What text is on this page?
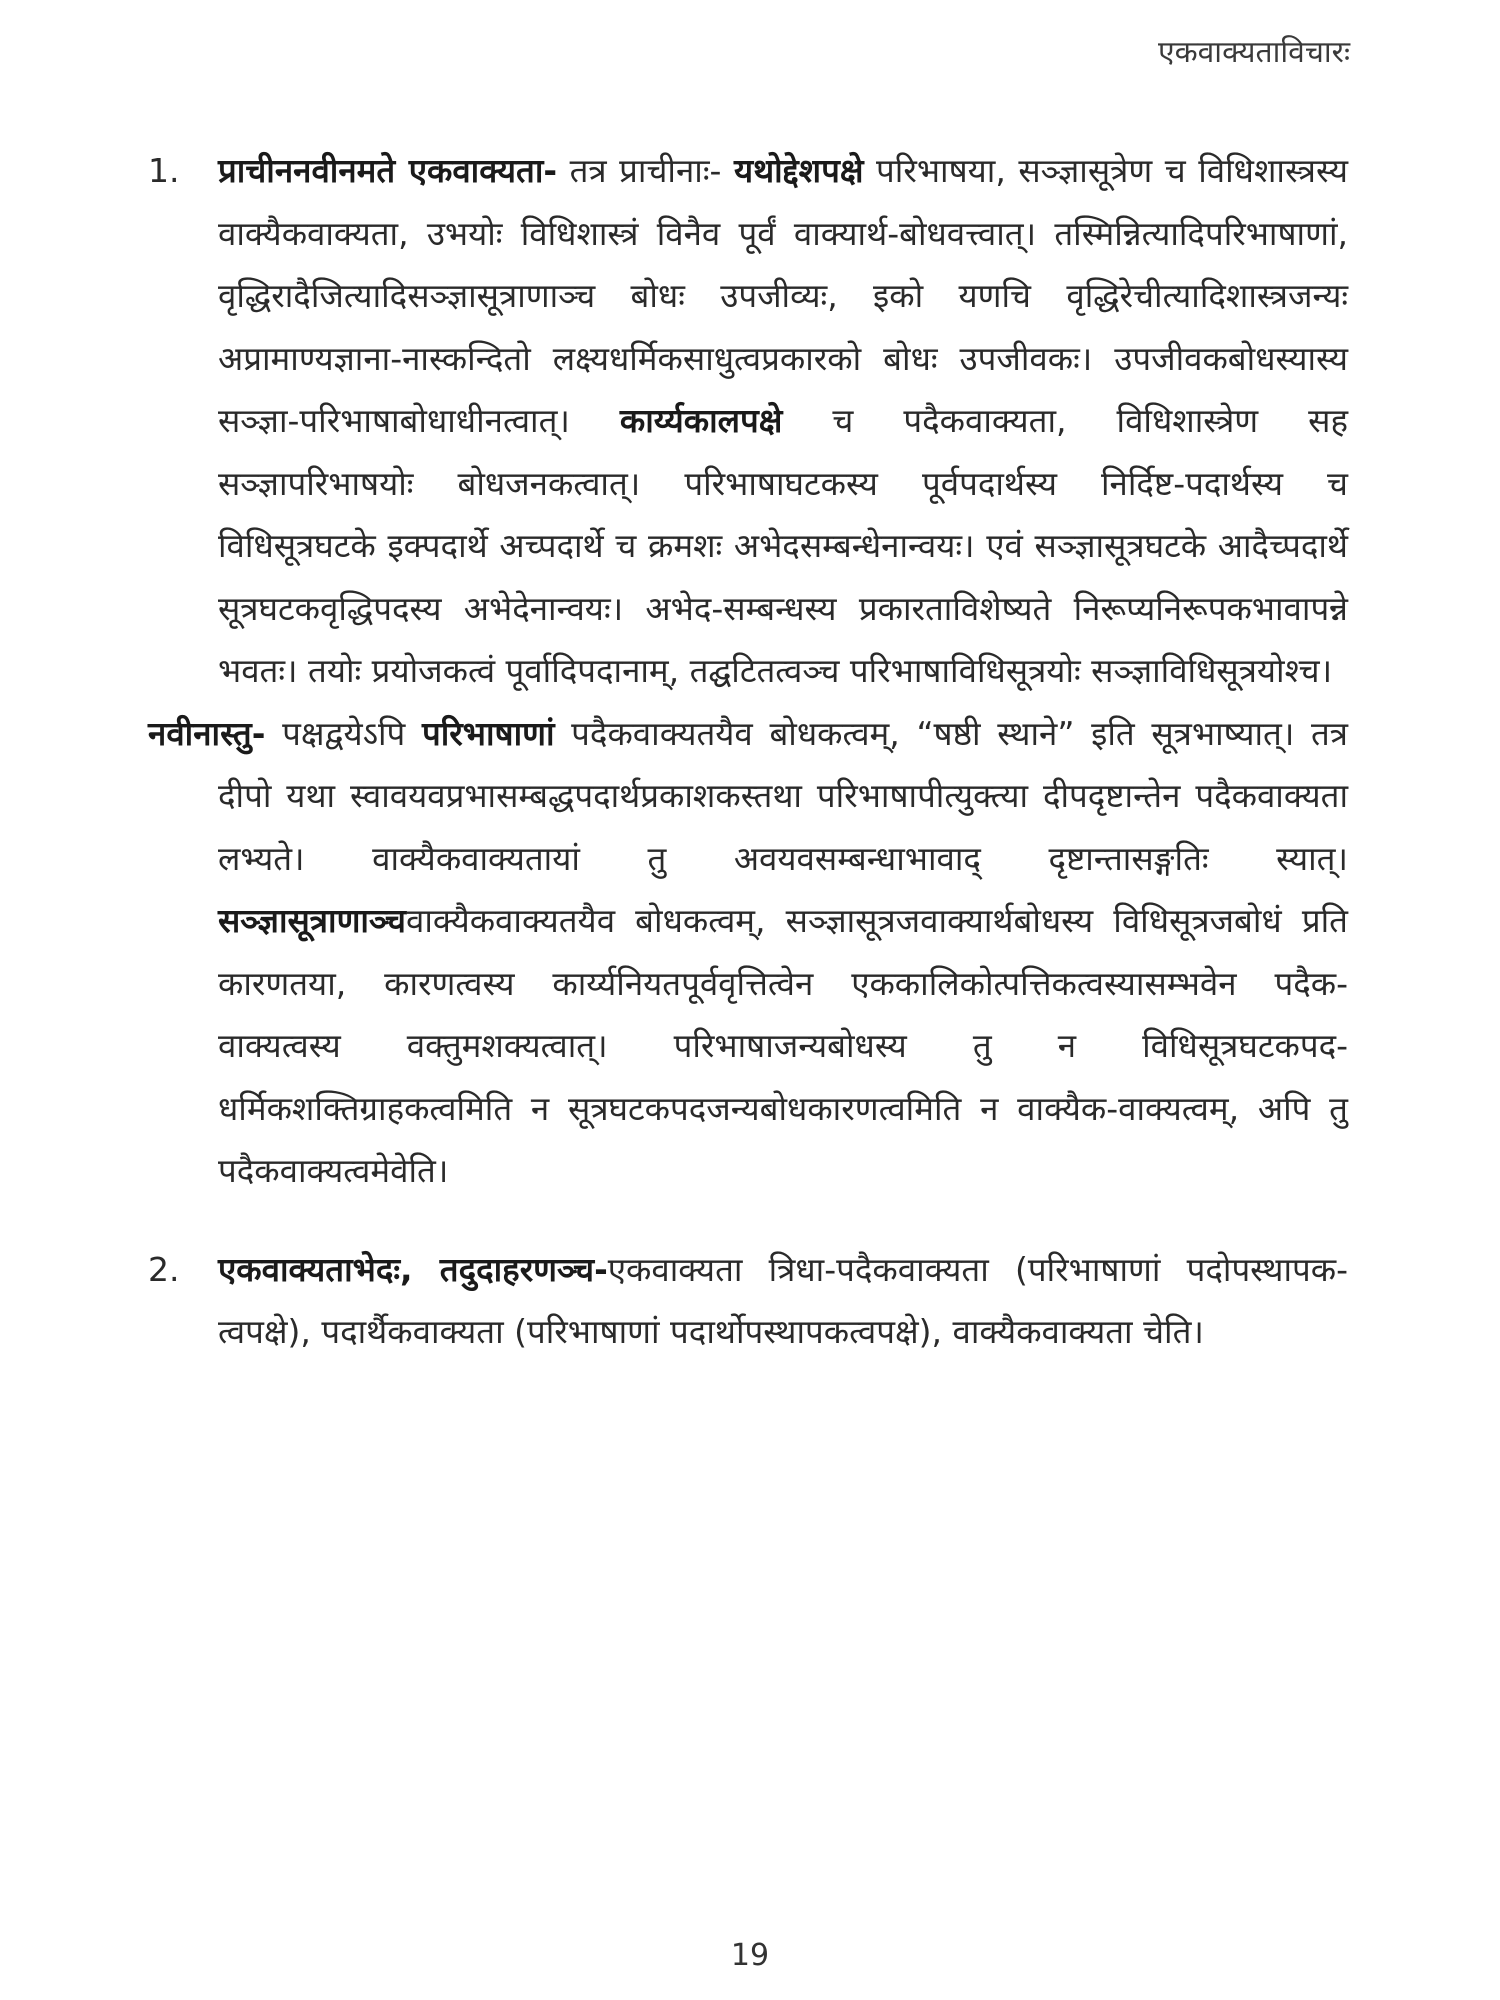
एकवाक्यताविचारः
1. प्राचीननवीनमते एकवाक्यता- तत्र प्राचीनाः- यथोद्देशपक्षे परिभाषया, सञ्ज्ञासूत्रेण च विधिशास्त्रस्य वाक्यैकवाक्यता, उभयोः विधिशास्त्रं विनैव पूर्वं वाक्यार्थ-बोधवत्त्वात्। तस्मिन्नित्यादिपरिभाषाणां, वृद्धिरादैजित्यादिसञ्ज्ञासूत्राणाञ्च बोधः उपजीव्यः, इको यणचि वृद्धिरेचीत्यादिशास्त्रजन्यः अप्रामाण्यज्ञाना-नास्कन्दितो लक्ष्यधर्मिकसाधुत्वप्रकारको बोधः उपजीवकः। उपजीवकबोधस्यास्य सञ्ज्ञा-परिभाषाबोधाधीनत्वात्। कार्य्यकालपक्षे च पदैकवाक्यता, विधिशास्त्रेण सह सञ्ज्ञापरिभाषयोः बोधजनकत्वात्। परिभाषाघटकस्य पूर्वपदार्थस्य निर्दिष्ट-पदार्थस्य च विधिसूत्रघटके इक्पदार्थे अच्पदार्थे च क्रमशः अभेदसम्बन्धेनान्वयः। एवं सञ्ज्ञासूत्रघटके आदैच्पदार्थे सूत्रघटकवृद्धिपदस्य अभेदेनान्वयः। अभेद-सम्बन्धस्य प्रकारताविशेष्यते निरूप्यनिरूपकभावापन्ने भवतः। तयोः प्रयोजकत्वं पूर्वादिपदानाम्, तद्घटितत्वञ्च परिभाषाविधिसूत्रयोः सञ्ज्ञाविधिसूत्रयोश्च।
नवीनास्तु- पक्षद्वयेऽपि परिभाषाणां पदैकवाक्यतयैव बोधकत्वम्, “षष्ठी स्थाने” इति सूत्रभाष्यात्। तत्र दीपो यथा स्वावयवप्रभासम्बद्धपदार्थप्रकाशकस्तथा परिभाषापीत्युक्त्या दीपदृष्टान्तेन पदैकवाक्यता लभ्यते। वाक्यैकवाक्यतायां तु अवयवसम्बन्धाभावाद् दृष्टान्तासङ्गतिः स्यात्। सञ्ज्ञासूत्राणाञ्चवाक्यैकवाक्यतयैव बोधकत्वम्, सञ्ज्ञासूत्रजवाक्यार्थबोधस्य विधिसूत्रजबोधं प्रति कारणतया, कारणत्वस्य कार्य्यनियतपूर्ववृत्तित्वेन एककालिकोत्पत्तिकत्वस्यासम्भवेन पदैक-वाक्यत्वस्य वक्तुमशक्यत्वात्। परिभाषाजन्यबोधस्य तु न विधिसूत्रघटकपद-धर्मिकशक्तिग्राहकत्वमिति न सूत्रघटकपदजन्यबोधकारणत्वमिति न वाक्यैक-वाक्यत्वम्, अपि तु पदैकवाक्यत्वमेवेति।
2. एकवाक्यताभेदः, तदुदाहरणञ्च-एकवाक्यता त्रिधा-पदैकवाक्यता (परिभाषाणां पदोपस्थापक-त्वपक्षे), पदार्थैकवाक्यता (परिभाषाणां पदार्थोपस्थापकत्वपक्षे), वाक्यैकवाक्यता चेति।
19
